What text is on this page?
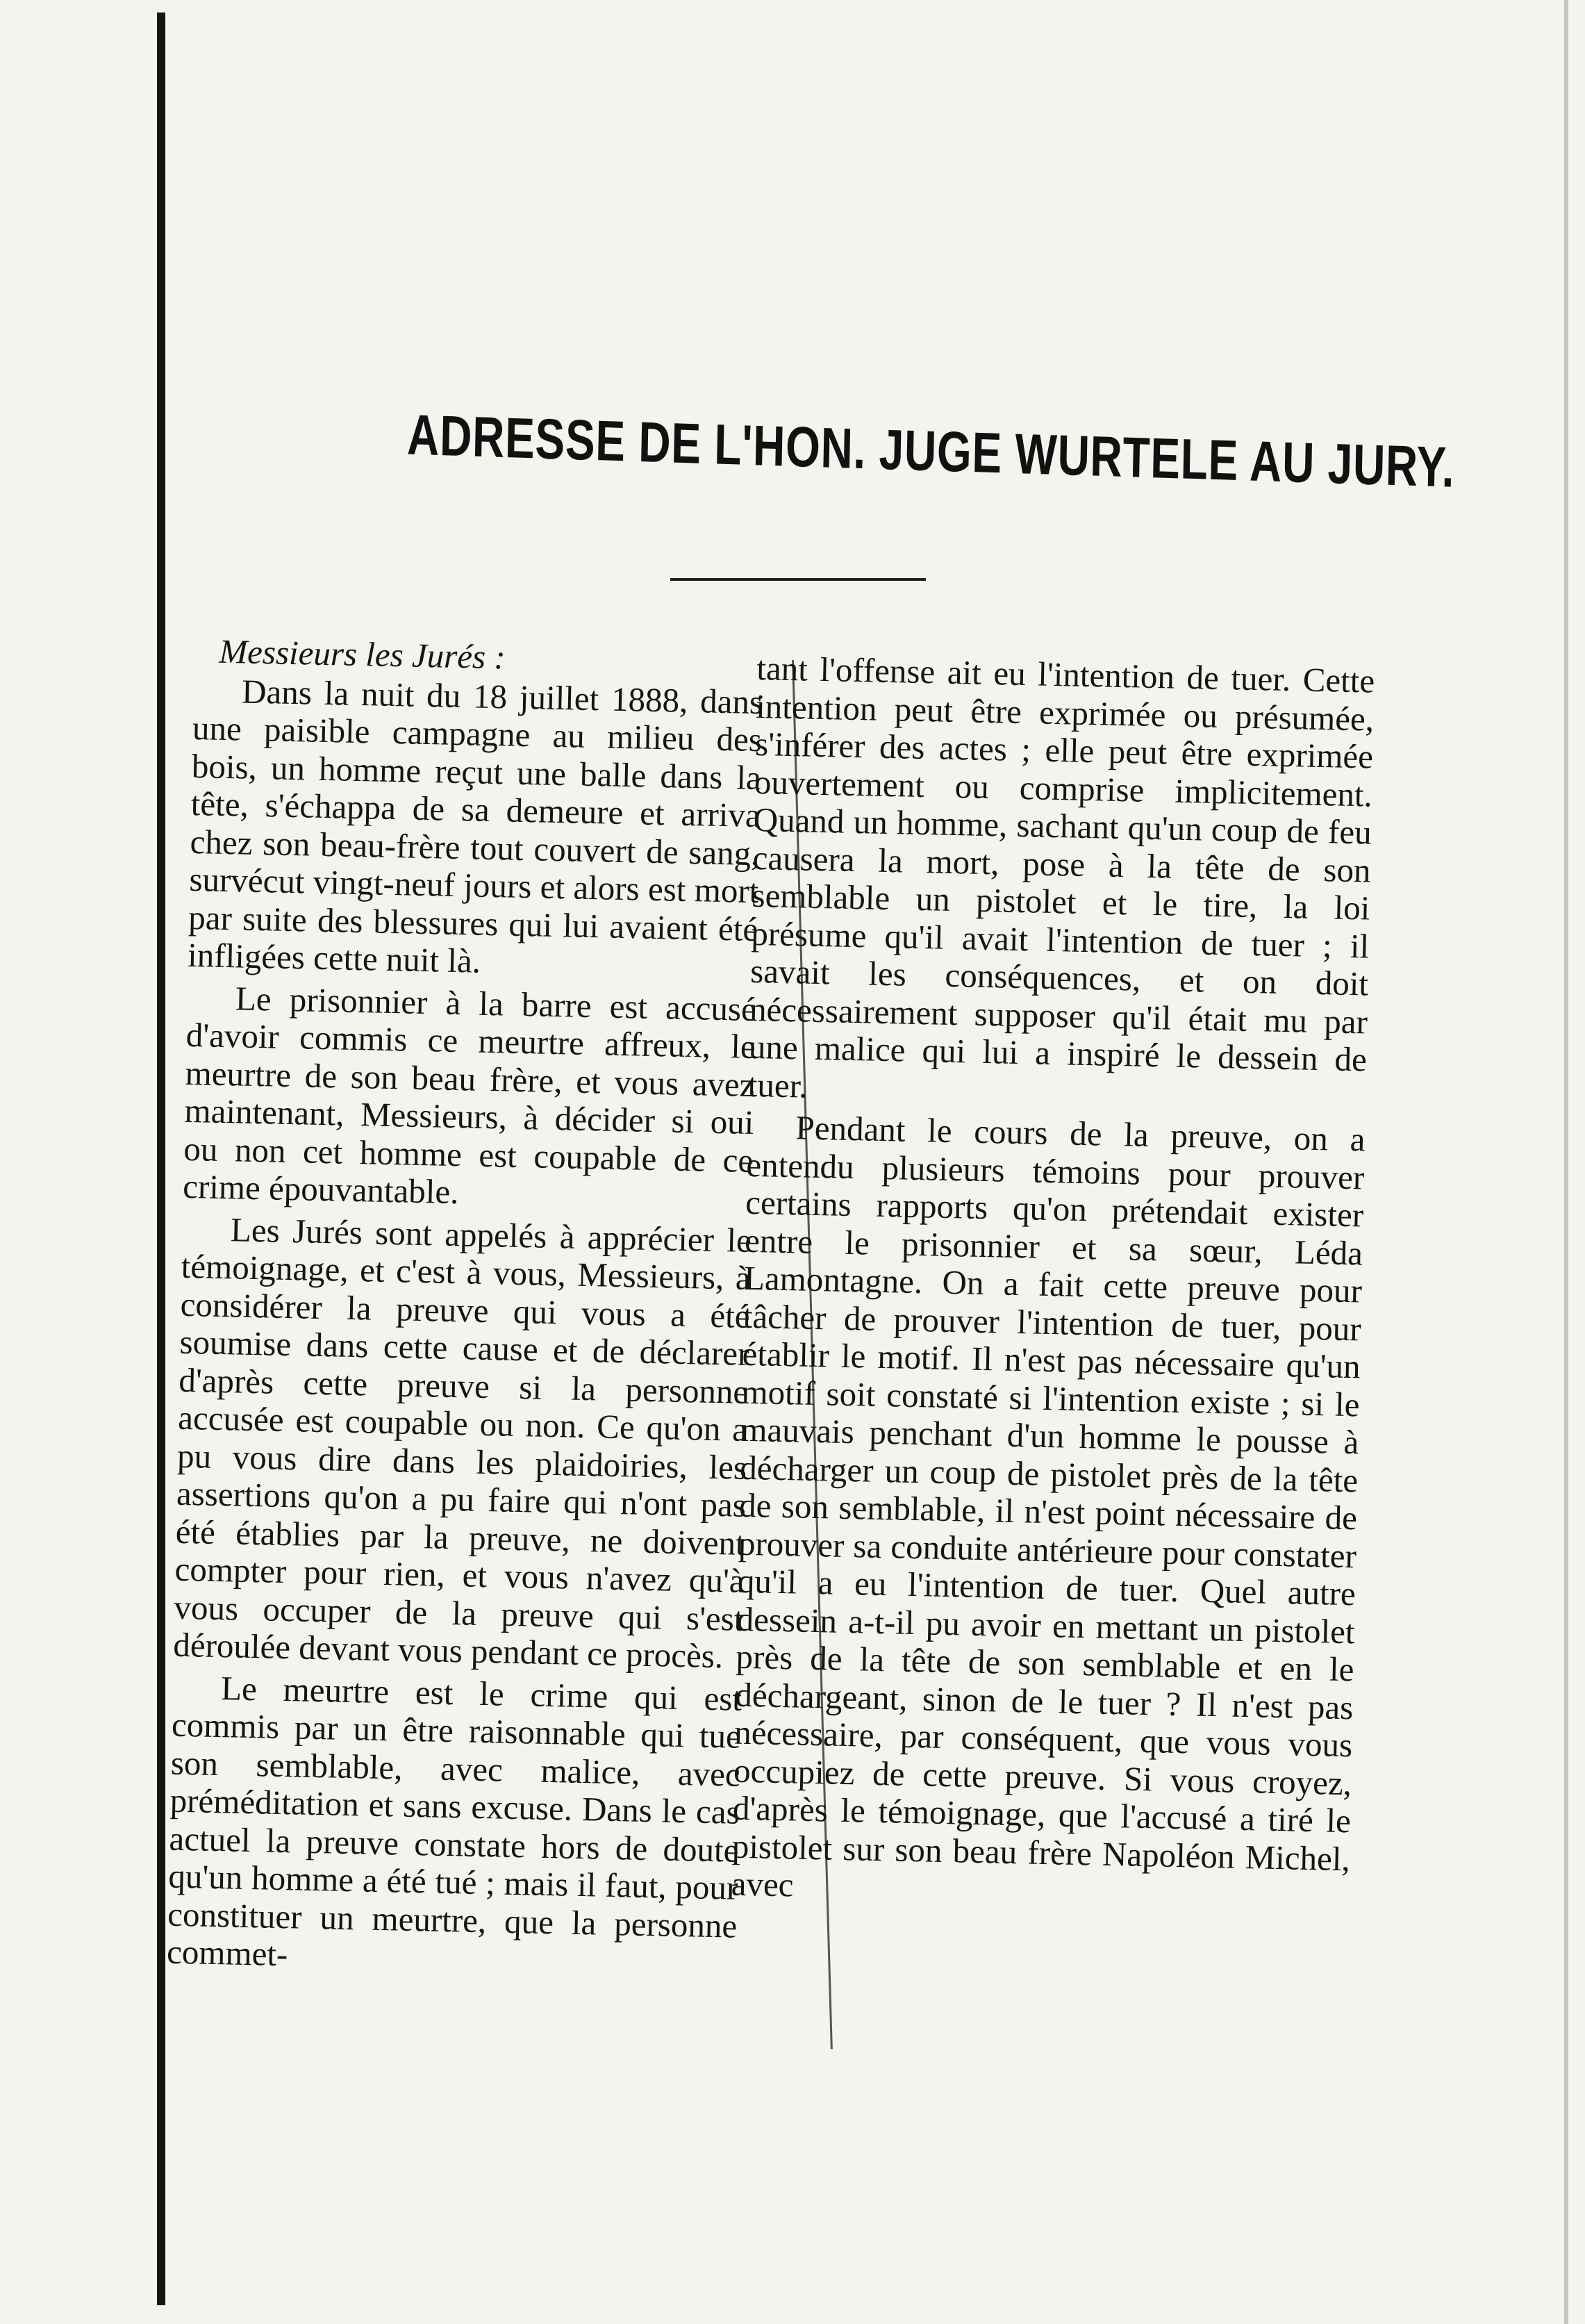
ADRESSE DE L'HON. JUGE WURTELE AU JURY.

Messieurs les Jurés :

Dans la nuit du 18 juillet 1888, dans une paisible campagne au milieu des bois, un homme reçut une balle dans la tête, s'échappa de sa demeure et arriva chez son beau-frère tout couvert de sang, survécut vingt-neuf jours et alors est mort par suite des blessures qui lui avaient été infligées cette nuit là.

Le prisonnier à la barre est accusé d'avoir commis ce meurtre affreux, le meurtre de son beau frère, et vous avez maintenant, Messieurs, à décider si oui ou non cet homme est coupable de ce crime épouvantable.

Les Jurés sont appelés à apprécier le témoignage, et c'est à vous, Messieurs, à considérer la preuve qui vous a été soumise dans cette cause et de déclarer d'après cette preuve si la personne accusée est coupable ou non. Ce qu'on a pu vous dire dans les plaidoiries, les assertions qu'on a pu faire qui n'ont pas été établies par la preuve, ne doivent compter pour rien, et vous n'avez qu'à vous occuper de la preuve qui s'est déroulée devant vous pendant ce procès.

Le meurtre est le crime qui est commis par un être raisonnable qui tue son semblable, avec malice, avec préméditation et sans excuse. Dans le cas actuel la preuve constate hors de doute qu'un homme a été tué ; mais il faut, pour constituer un meurtre, que la personne commet-

tant l'offense ait eu l'intention de tuer. Cette intention peut être exprimée ou présumée, s'inférer des actes ; elle peut être exprimée ouvertement ou comprise implicitement. Quand un homme, sachant qu'un coup de feu causera la mort, pose à la tête de son semblable un pistolet et le tire, la loi présume qu'il avait l'intention de tuer ; il savait les conséquences, et on doit nécessairement supposer qu'il était mu par une malice qui lui a inspiré le dessein de tuer.

Pendant le cours de la preuve, on a entendu plusieurs témoins pour prouver certains rapports qu'on prétendait exister entre le prisonnier et sa sœur, Léda Lamontagne. On a fait cette preuve pour tâcher de prouver l'intention de tuer, pour établir le motif. Il n'est pas nécessaire qu'un motif soit constaté si l'intention existe ; si le mauvais penchant d'un homme le pousse à décharger un coup de pistolet près de la tête de son semblable, il n'est point nécessaire de prouver sa conduite antérieure pour constater qu'il a eu l'intention de tuer. Quel autre dessein a-t-il pu avoir en mettant un pistolet près de la tête de son semblable et en le déchargeant, sinon de le tuer ? Il n'est pas nécessaire, par conséquent, que vous vous occupiez de cette preuve. Si vous croyez, d'après le témoignage, que l'accusé a tiré le pistolet sur son beau frère Napoléon Michel, avec
